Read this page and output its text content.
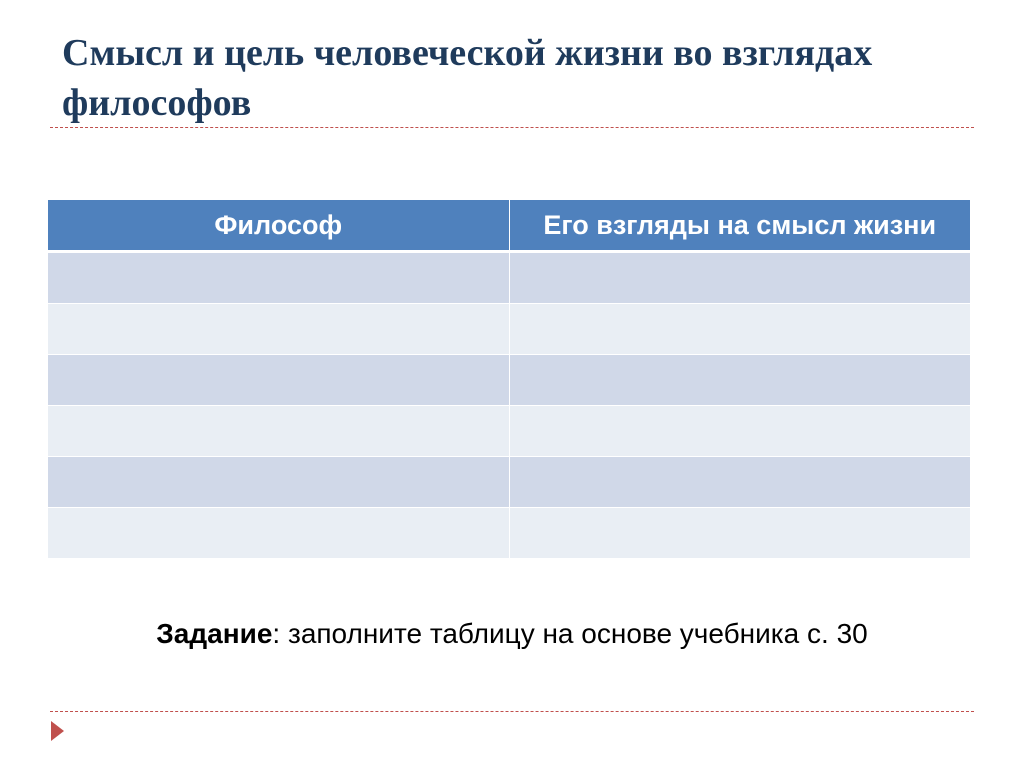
Смысл и цель человеческой жизни во взглядах философов
Философ	Его взгляды на смысл жизни

Задание: заполните таблицу на основе учебника с. 30
